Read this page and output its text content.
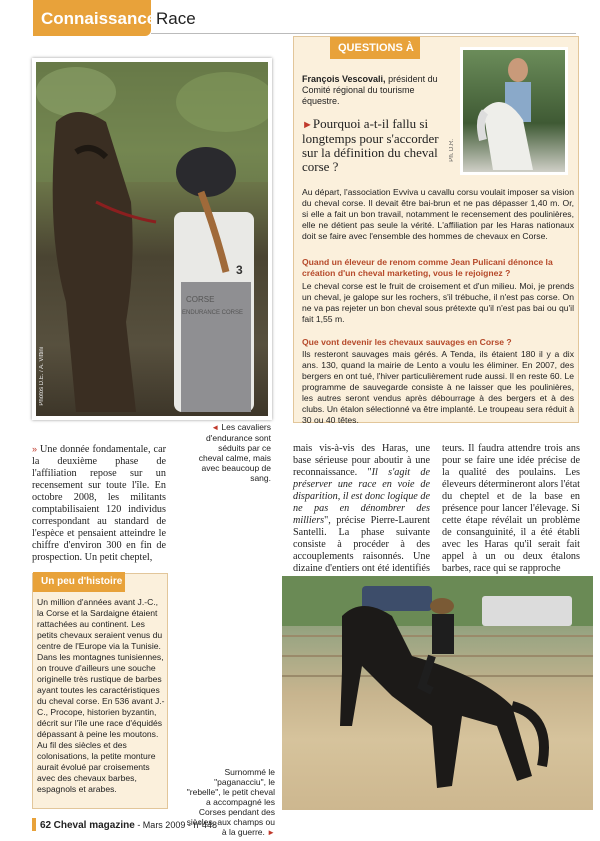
Connaissances
Race
3
CORSE
ENDURANCE CORSE
Photos D.E. / A. Vittini
◄ Les cavaliers d'endurance sont séduits par ce cheval calme, mais avec beaucoup de sang.
QUESTIONS À
Ph. D.R.
François Vescovali, président du Comité régional du tourisme équestre.
►Pourquoi a-t-il fallu si longtemps pour s'accorder sur la définition du cheval corse ?
Au départ, l'association Evviva u cavallu corsu voulait imposer sa vision du cheval corse. Il devait être bai-brun et ne pas dépasser 1,40 m. Or, si elle a fait un bon travail, notamment le recensement des poulinières, elle ne détient pas seule la vérité. L'affiliation par les Haras nationaux doit se faire avec l'ensemble des hommes de chevaux en Corse.
Quand un éleveur de renom comme Jean Pulicani dénonce la création d'un cheval marketing, vous le rejoignez ?
Le cheval corse est le fruit de croisement et d'un milieu. Moi, je prends un cheval, je galope sur les rochers, s'il trébuche, il n'est pas corse. On ne va pas rejeter un bon cheval sous prétexte qu'il n'est pas bai ou qu'il fait 1,55 m.
Que vont devenir les chevaux sauvages en Corse ?
Ils resteront sauvages mais gérés. A Tenda, ils étaient 180 il y a dix ans. 130, quand la mairie de Lento a voulu les éliminer. En 2007, des bergers en ont tué, l'hiver particulièrement rude aussi. Il en reste 60. Le programme de sauvegarde consiste à ne laisser que les poulinières, les autres seront vendus après débourrage à des bergers et à des clubs. Un étalon sélectionné va être implanté. Le troupeau sera réduit à 30 ou 40 têtes.
» Une donnée fondamentale, car la deuxième phase de l'affiliation repose sur un recensement sur toute l'île. En octobre 2008, les militants comptabilisaient 120 individus correspondant au standard de l'espèce et pensaient atteindre le chiffre d'environ 300 en fin de prospection. Un petit cheptel,
mais vis-à-vis des Haras, une base sérieuse pour aboutir à une reconnaissance. "Il s'agit de préserver une race en voie de disparition, il est donc logique de ne pas en dénombrer des milliers", précise Pierre-Laurent Santelli. La phase suivante consiste à procéder à des accouplements raisonnés. Une dizaine d'entiers ont été identifiés
teurs. Il faudra attendre trois ans pour se faire une idée précise de la qualité des poulains. Les éleveurs détermineront alors l'état du cheptel et de la base en présence pour lancer l'élevage. Si cette étape révélait un problème de consanguinité, il a été établi avec les Haras qu'il serait fait appel à un ou deux étalons barbes, race qui se rapproche
Un peu d'histoire
Un million d'années avant J.-C., la Corse et la Sardaigne étaient rattachées au continent. Les petits chevaux seraient venus du centre de l'Europe via la Tunisie. Dans les montagnes tunisiennes, on trouve d'ailleurs une souche originelle très rustique de barbes ayant toutes les caractéristiques du cheval corse. En 536 avant J.-C., Procope, historien byzantin, décrit sur l'île une race d'équidés dépassant à peine les moutons. Au fil des siècles et des colonisations, la petite monture aurait évolué par croisements avec des chevaux barbes, espagnols et arabes.
Surnommé le "paganacciu", le "rebelle", le petit cheval a accompagné les Corses pendant des siècles, aux champs ou à la guerre. ►
62 Cheval magazine - Mars 2009 - n°448
